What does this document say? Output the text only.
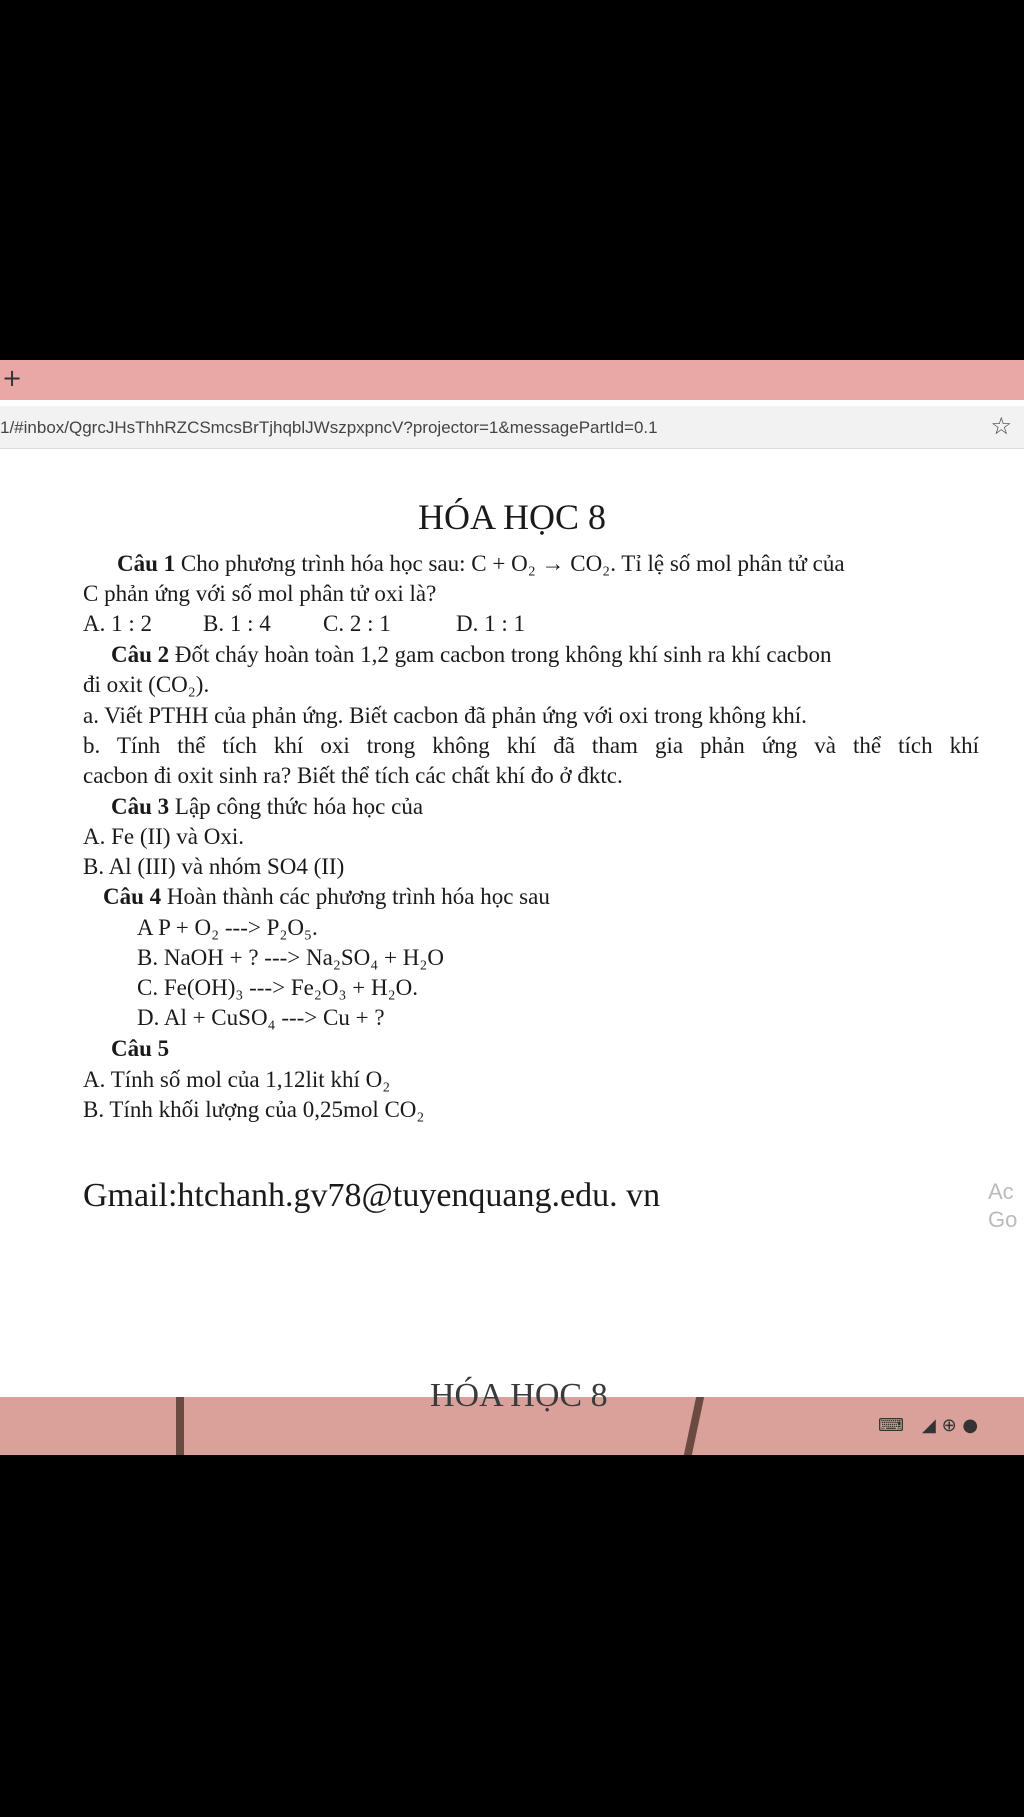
+
1/#inbox/QgrcJHsThhRZCSmcsBrTjhqblJWszpxpncV?projector=1&messagePartId=0.1	☆
HÓA HỌC 8
Câu 1 Cho phương trình hóa học sau: C + O₂ → CO₂. Tỉ lệ số mol phân tử của
C phản ứng với số mol phân tử oxi là?
A. 1 : 2 B. 1 : 4 C. 2 : 1	D. 1 : 1
Câu 2 Đốt cháy hoàn toàn 1,2 gam cacbon trong không khí sinh ra khí cacbon
đi oxit (CO₂).
a. Viết PTHH của phản ứng. Biết cacbon đã phản ứng với oxi trong không khí.
b. Tính thể tích khí oxi trong không khí đã tham gia phản ứng và thể tích khí
cacbon đi oxit sinh ra? Biết thể tích các chất khí đo ở đktc.
Câu 3 Lập công thức hóa học của
A. Fe (II) và Oxi.
B. Al (III) và nhóm SO4 (II)
Câu 4 Hoàn thành các phương trình hóa học sau
A P + O₂ ---> P₂O₅.
B. NaOH + ? ---> Na₂SO₄ + H₂O
C. Fe(OH)₃ ---> Fe₂O₃ + H₂O.
D. Al + CuSO₄ ---> Cu + ?
Câu 5
A. Tính số mol của 1,12lit khí O₂
B. Tính khối lượng của 0,25mol CO₂
Gmail:htchanh.gv78@tuyenquang.edu. vn	Ac
Go
HÓA HỌC 8
⌨ ◢ ⊕ ●
